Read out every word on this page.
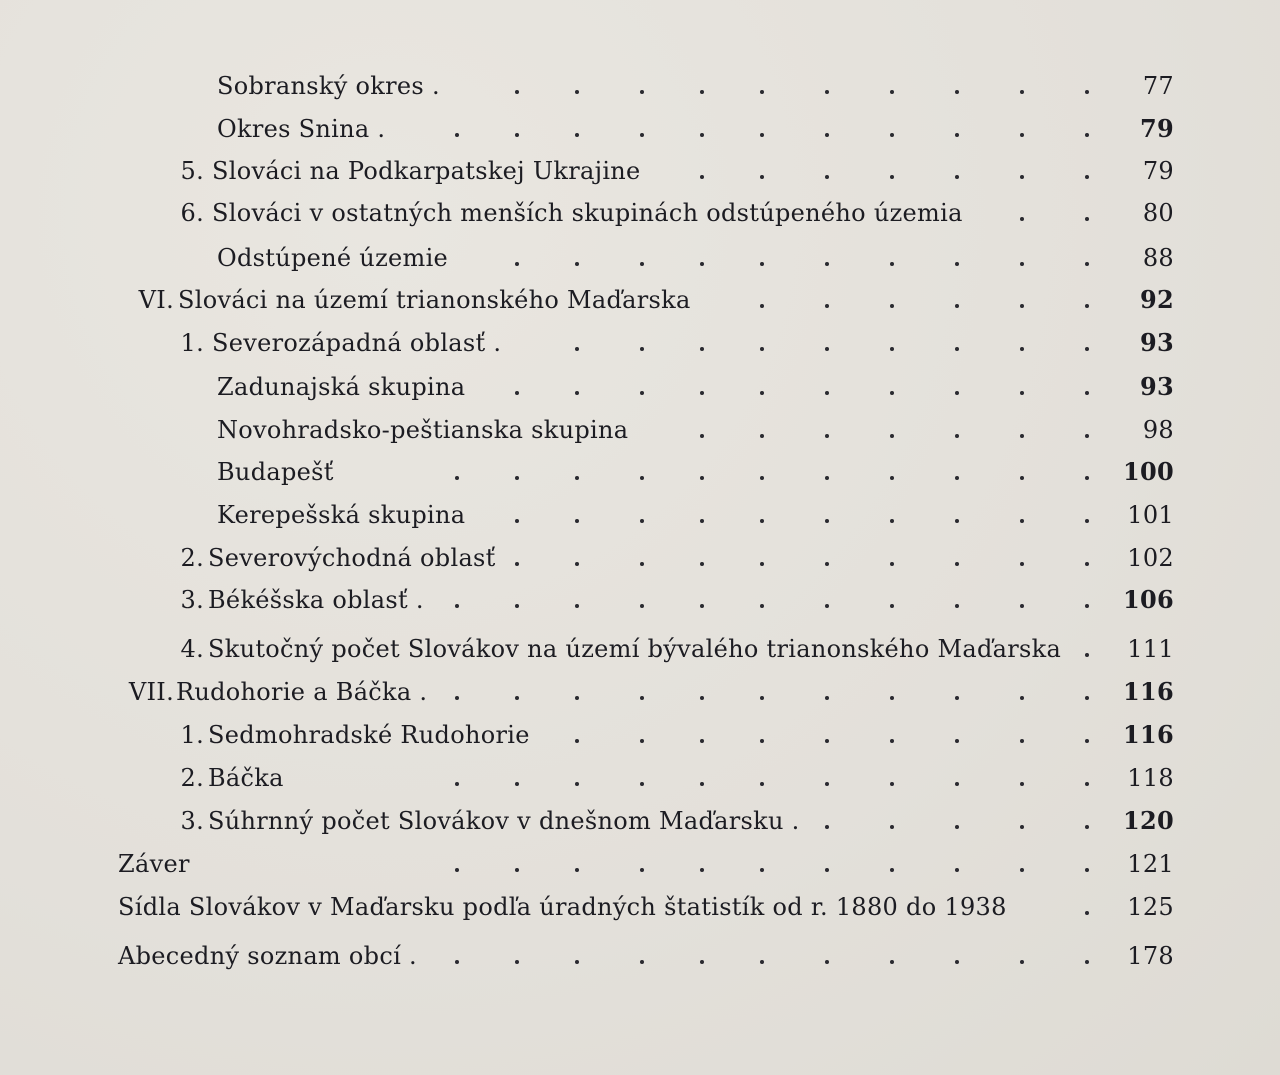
Sobranský okres .	77
Okres Snina .	79
5. Slováci na Podkarpatskej Ukrajine	79
6. Slováci v ostatných menších skupinách odstúpeného územia	80
Odstúpené územie	88
VI. Slováci na území trianonského Maďarska	92
1. Severozápadná oblasť .	93
Zadunajská skupina	93
Novohradsko-peštianska skupina	98
Budapešť	100
Kerepešská skupina	101
2. Severovýchodná oblasť	102
3. Békéšska oblasť .	106
4. Skutočný počet Slovákov na území bývalého trianonského Maďarska	111
VII. Rudohorie a Báčka .	116
1. Sedmohradské Rudohorie	116
2. Báčka	118
3. Súhrnný počet Slovákov v dnešnom Maďarsku .	120
Záver	121
Sídla Slovákov v Maďarsku podľa úradných štatistík od r. 1880 do 1938	125
Abecedný soznam obcí .	178
